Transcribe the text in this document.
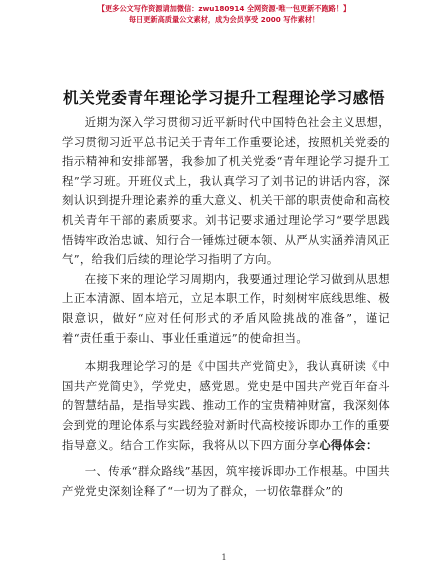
【更多公文写作资源请加微信：zwu180914 全网资源·唯一包更新不跑路！】
每日更新高质量公文素材，成为会员享受 2000 写作素材！
机关党委青年理论学习提升工程理论学习感悟

近期为深入学习贯彻习近平新时代中国特色社会主义思想，学习贯彻习近平总书记关于青年工作重要论述，按照机关党委的指示精神和安排部署，我参加了机关党委“青年理论学习提升工程”学习班。开班仪式上，我认真学习了刘书记的讲话内容，深刻认识到提升理论素养的重大意义、机关干部的职责使命和高校机关青年干部的素质要求。刘书记要求通过理论学习“要学思践悟铸牢政治忠诚、知行合一锤炼过硬本领、从严从实涵养清风正气”，给我们后续的理论学习指明了方向。

在接下来的理论学习周期内，我要通过理论学习做到从思想上正本清源、固本培元，立足本职工作，时刻树牢底线思维、极限意识，做好“应对任何形式的矛盾风险挑战的准备”，谨记着“责任重于泰山、事业任重道远”的使命担当。

本期我理论学习的是《中国共产党简史》，我认真研读《中国共产党简史》，学党史，感党恩。党史是中国共产党百年奋斗的智慧结晶，是指导实践、推动工作的宝贵精神财富，我深刻体会到党的理论体系与实践经验对新时代高校接诉即办工作的重要指导意义。结合工作实际，我将从以下四方面分享心得体会：

一、传承“群众路线”基因，筑牢接诉即办工作根基。中国共产党党史深刻诠释了“一切为了群众，一切依靠群众”的

1
